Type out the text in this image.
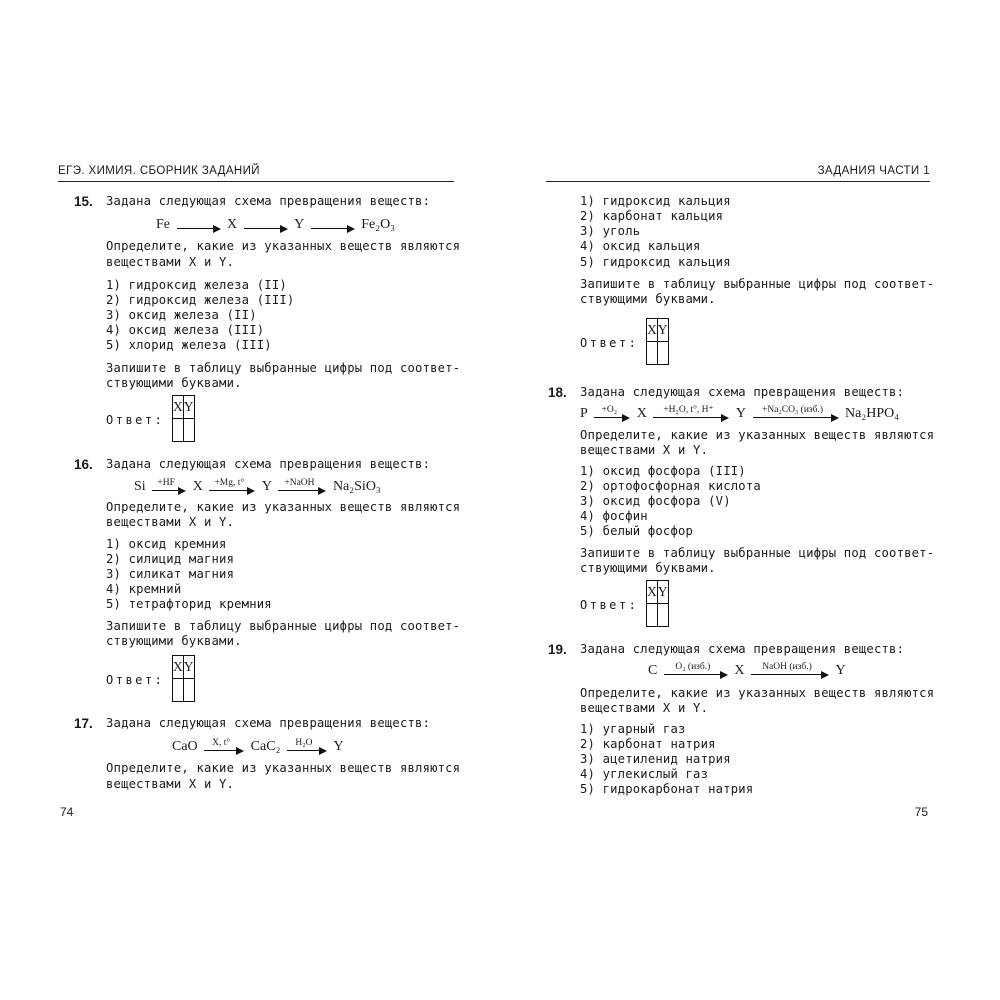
ЕГЭ. ХИМИЯ. СБОРНИК ЗАДАНИЙ
15. Задана следующая схема превращения веществ:
Fe	X	Y	Fe₂O₃
Определите, какие из указанных веществ являются
веществами X и Y.
1) гидроксид железа (II)
2) гидроксид железа (III)
3) оксид железа (II)
4) оксид железа (III)
5) хлорид железа (III)
Запишите в таблицу выбранные цифры под соответ-
ствующими буквами.
Ответ:
X	Y

16. Задана следующая схема превращения веществ:
Si	+HF	X	+Mg, t°	Y	+NaOH	Na₂SiO₃
Определите, какие из указанных веществ являются
веществами X и Y.
1) оксид кремния
2) силицид магния
3) силикат магния
4) кремний
5) тетрафторид кремния
Запишите в таблицу выбранные цифры под соответ-
ствующими буквами.
Ответ:
X	Y

17. Задана следующая схема превращения веществ:
CaO	X, t°	CaC₂	H₂O	Y
Определите, какие из указанных веществ являются
веществами X и Y.
74
ЗАДАНИЯ ЧАСТИ 1
1) гидроксид кальция
2) карбонат кальция
3) уголь
4) оксид кальция
5) гидроксид кальция
Запишите в таблицу выбранные цифры под соответ-
ствующими буквами.
Ответ:
X	Y

18. Задана следующая схема превращения веществ:
P	+O₂	X	+H₂O, t°, H⁺	Y	+Na₂CO₃ (изб.)	Na₂HPO₄
Определите, какие из указанных веществ являются
веществами X и Y.
1) оксид фосфора (III)
2) ортофосфорная кислота
3) оксид фосфора (V)
4) фосфин
5) белый фосфор
Запишите в таблицу выбранные цифры под соответ-
ствующими буквами.
Ответ:
X	Y

19. Задана следующая схема превращения веществ:
C	O₂ (изб.)	X	NaOH (изб.)	Y
Определите, какие из указанных веществ являются
веществами X и Y.
1) угарный газ
2) карбонат натрия
3) ацетиленид натрия
4) углекислый газ
5) гидрокарбонат натрия
75
